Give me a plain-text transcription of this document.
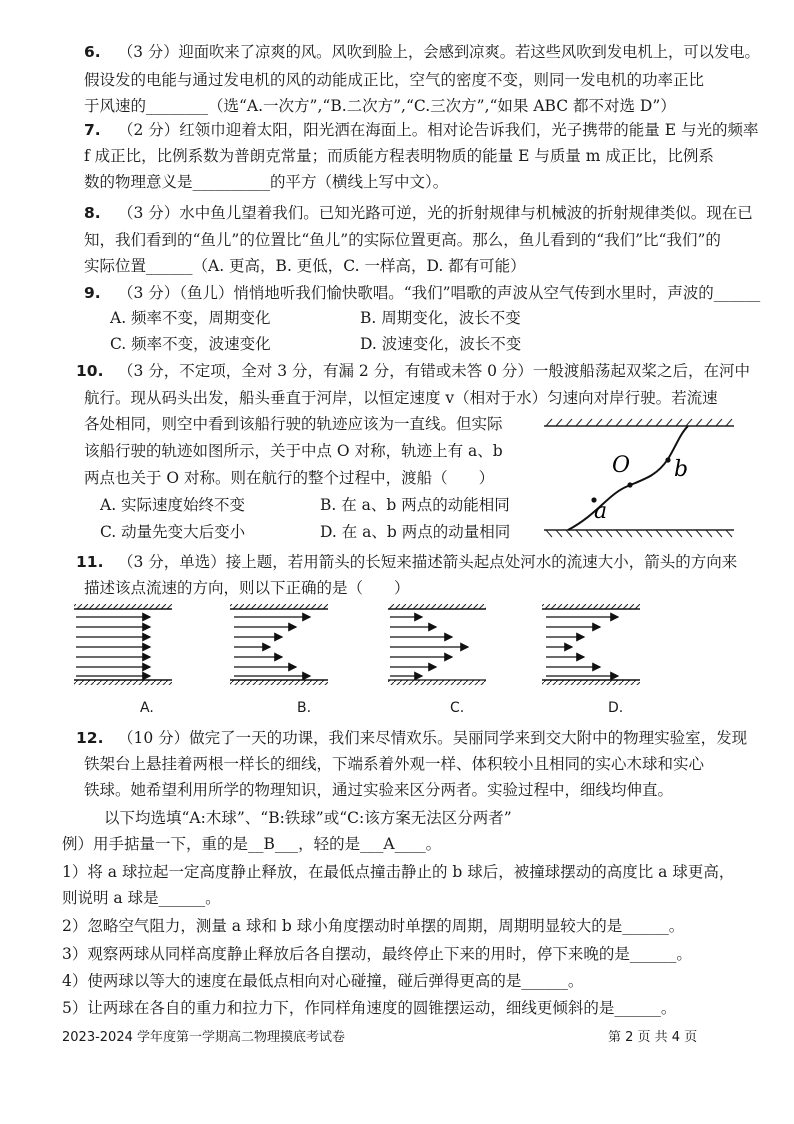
6. （3 分）迎面吹来了凉爽的风。风吹到脸上，会感到凉爽。若这些风吹到发电机上，可以发电。
假设发的电能与通过发电机的风的动能成正比，空气的密度不变，则同一发电机的功率正比
于风速的________（选“A.一次方”,“B.二次方”,“C.三次方”,“如果 ABC 都不对选 D”）
7. （2 分）红领巾迎着太阳，阳光洒在海面上。相对论告诉我们，光子携带的能量 E 与光的频率
f 成正比，比例系数为普朗克常量；而质能方程表明物质的能量 E 与质量 m 成正比，比例系
数的物理意义是__________的平方（横线上写中文）。
8. （3 分）水中鱼儿望着我们。已知光路可逆，光的折射规律与机械波的折射规律类似。现在已
知，我们看到的“鱼儿”的位置比“鱼儿”的实际位置更高。那么，鱼儿看到的“我们”比“我们”的
实际位置______（A. 更高，B. 更低，C. 一样高，D. 都有可能）
9. （3 分）（鱼儿）悄悄地听我们愉快歌唱。“我们”唱歌的声波从空气传到水里时，声波的______
A. 频率不变，周期变化	B. 周期变化，波长不变
C. 频率不变，波速变化	D. 波速变化，波长不变
10. （3 分，不定项，全对 3 分，有漏 2 分，有错或未答 0 分）一般渡船荡起双桨之后，在河中
航行。现从码头出发，船头垂直于河岸，以恒定速度 v（相对于水）匀速向对岸行驶。若流速
各处相同，则空中看到该船行驶的轨迹应该为一直线。但实际
该船行驶的轨迹如图所示，关于中点 O 对称，轨迹上有 a、b
两点也关于 O 对称。则在航行的整个过程中，渡船（　　）
A. 实际速度始终不变	B. 在 a、b 两点的动能相同
C. 动量先变大后变小	D. 在 a、b 两点的动量相同
O b
a
11. （3 分，单选）接上题，若用箭头的长短来描述箭头起点处河水的流速大小，箭头的方向来
描述该点流速的方向，则以下正确的是（　　）
A.	B.	C.	D.
12. （10 分）做完了一天的功课，我们来尽情欢乐。吴丽同学来到交大附中的物理实验室，发现
铁架台上悬挂着两根一样长的细线，下端系着外观一样、体积较小且相同的实心木球和实心
铁球。她希望利用所学的物理知识，通过实验来区分两者。实验过程中，细线均伸直。
以下均选填“A:木球”、“B:铁球”或“C:该方案无法区分两者”
例）用手掂量一下，重的是__B___，轻的是___A____。
1）将 a 球拉起一定高度静止释放，在最低点撞击静止的 b 球后，被撞球摆动的高度比 a 球更高，
则说明 a 球是______。
2）忽略空气阻力，测量 a 球和 b 球小角度摆动时单摆的周期，周期明显较大的是______。
3）观察两球从同样高度静止释放后各自摆动，最终停止下来的用时，停下来晚的是______。
4）使两球以等大的速度在最低点相向对心碰撞，碰后弹得更高的是______。
5）让两球在各自的重力和拉力下，作同样角速度的圆锥摆运动，细线更倾斜的是______。
2023-2024 学年度第一学期高二物理摸底考试卷	第 2 页 共 4 页
